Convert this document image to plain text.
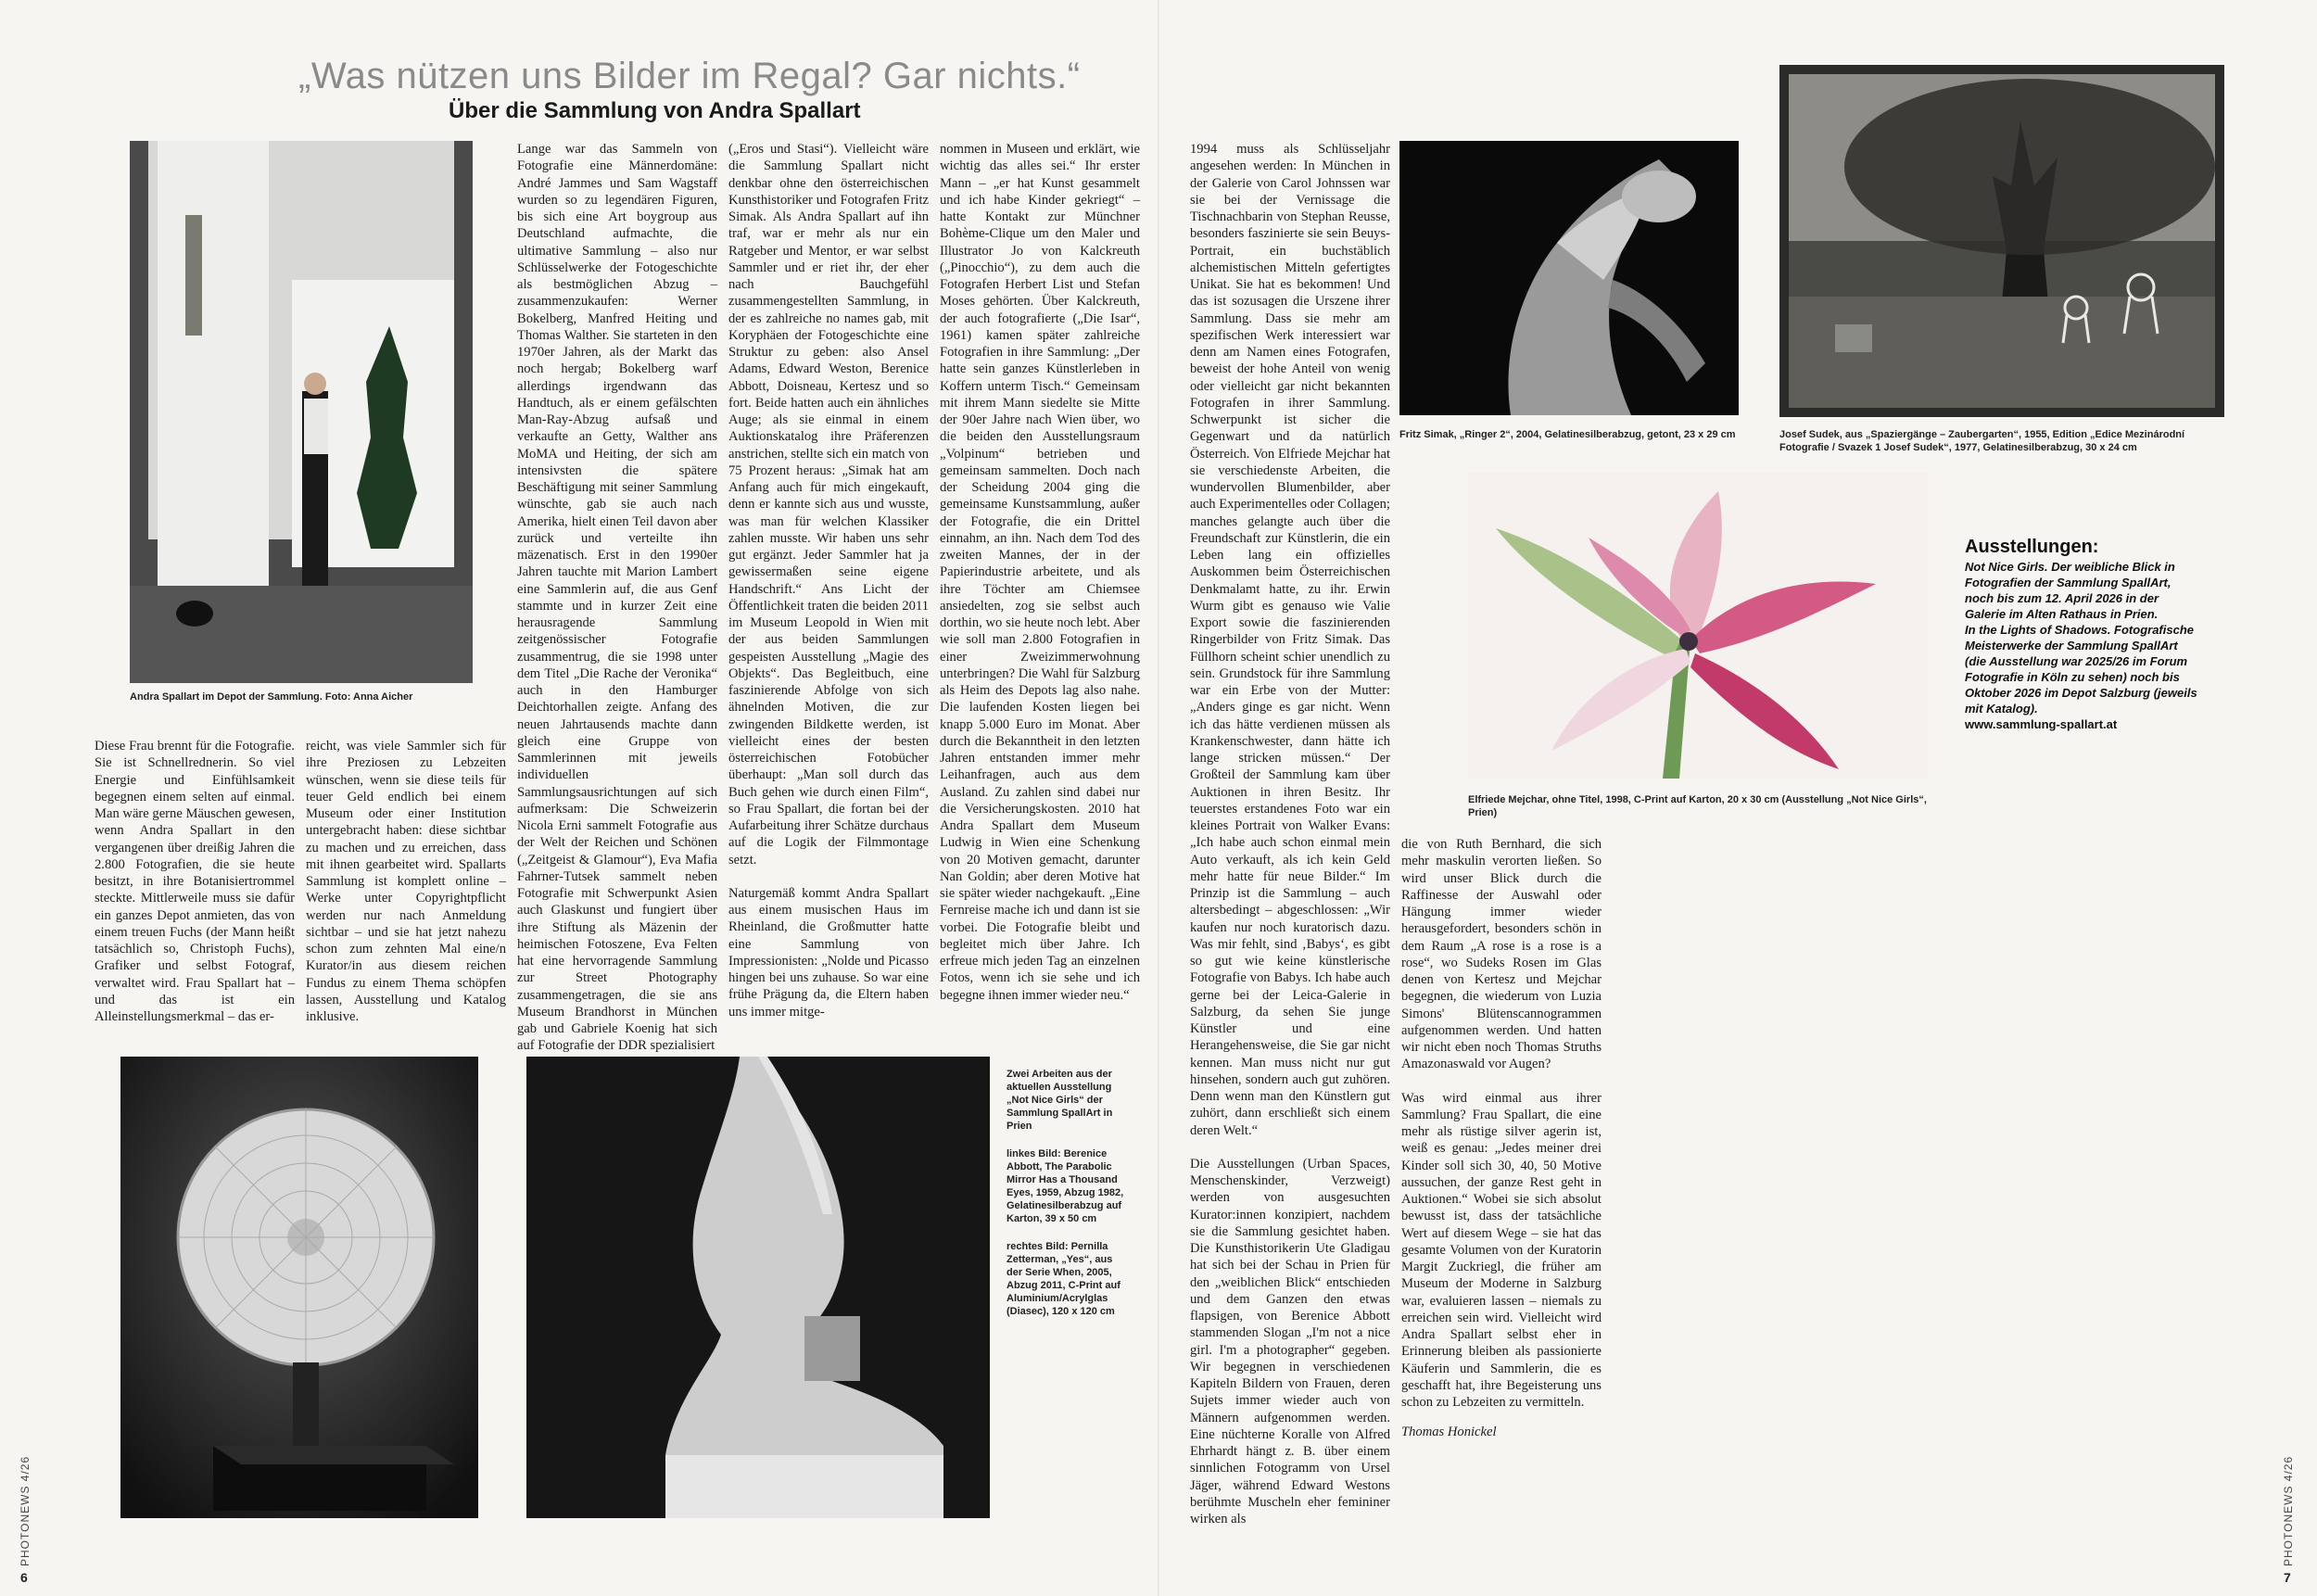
„Was nützen uns Bilder im Regal? Gar nichts.“
Über die Sammlung von Andra Spallart
Andra Spallart im Depot der Sammlung. Foto: Anna Aicher

Lange war das Sammeln von Fotografie eine Männerdomäne: André Jammes und Sam Wagstaff wurden so zu legendären Figuren, bis sich eine Art boygroup aus Deutschland aufmachte, die ultimative Sammlung – also nur Schlüsselwerke der Fotogeschichte als bestmöglichen Abzug – zusammenzukaufen: Werner Bokelberg, Manfred Heiting und Thomas Walther. Sie starteten in den 1970er Jahren, als der Markt das noch hergab; Bokelberg warf allerdings irgendwann das Handtuch, als er einem gefälschten Man-Ray-Abzug aufsaß und verkaufte an Getty, Walther ans MoMA und Heiting, der sich am intensivsten die spätere Beschäftigung mit seiner Sammlung wünschte, gab sie auch nach Amerika, hielt einen Teil davon aber zurück und verteilte ihn mäzenatisch. Erst in den 1990er Jahren tauchte mit Marion Lambert eine Sammlerin auf, die aus Genf stammte und in kurzer Zeit eine herausragende Sammlung zeitgenössischer Fotografie zusammentrug, die sie 1998 unter dem Titel „Die Rache der Veronika“ auch in den Hamburger Deichtorhallen zeigte. Anfang des neuen Jahrtausends machte dann gleich eine Gruppe von Sammlerinnen mit jeweils individuellen Sammlungsausrichtungen auf sich aufmerksam: Die Schweizerin Nicola Erni sammelt Fotografie aus der Welt der Reichen und Schönen („Zeitgeist & Glamour“), Eva Mafia Fahrner-Tutsek sammelt neben Fotografie mit Schwerpunkt Asien auch Glaskunst und fungiert über ihre Stiftung als Mäzenin der heimischen Fotoszene, Eva Felten hat eine hervorragende Sammlung zur Street Photography zusammengetragen, die sie ans Museum Brandhorst in München gab und Gabriele Koenig hat sich auf Fotografie der DDR spezialisiert

(„Eros und Stasi“). Vielleicht wäre die Sammlung Spallart nicht denkbar ohne den österreichischen Kunsthistoriker und Fotografen Fritz Simak. Als Andra Spallart auf ihn traf, war er mehr als nur ein Ratgeber und Mentor, er war selbst Sammler und er riet ihr, der eher nach Bauchgefühl zusammengestellten Sammlung, in der es zahlreiche no names gab, mit Koryphäen der Fotogeschichte eine Struktur zu geben: also Ansel Adams, Edward Weston, Berenice Abbott, Doisneau, Kertesz und so fort. Beide hatten auch ein ähnliches Auge; als sie einmal in einem Auktionskatalog ihre Präferenzen anstrichen, stellte sich ein match von 75 Prozent heraus: „Simak hat am Anfang auch für mich eingekauft, denn er kannte sich aus und wusste, was man für welchen Klassiker zahlen musste. Wir haben uns sehr gut ergänzt. Jeder Sammler hat ja gewissermaßen seine eigene Handschrift.“ Ans Licht der Öffentlichkeit traten die beiden 2011 im Museum Leopold in Wien mit der aus beiden Sammlungen gespeisten Ausstellung „Magie des Objekts“. Das Begleitbuch, eine faszinierende Abfolge von sich ähnelnden Motiven, die zur zwingenden Bildkette werden, ist vielleicht eines der besten österreichischen Fotobücher überhaupt: „Man soll durch das Buch gehen wie durch einen Film“, so Frau Spallart, die fortan bei der Aufarbeitung ihrer Schätze durchaus auf die Logik der Filmmontage setzt.

Naturgemäß kommt Andra Spallart aus einem musischen Haus im Rheinland, die Großmutter hatte eine Sammlung von Impressionisten: „Nolde und Picasso hingen bei uns zuhause. So war eine frühe Prägung da, die Eltern haben uns immer mitge-

nommen in Museen und erklärt, wie wichtig das alles sei.“ Ihr erster Mann – „er hat Kunst gesammelt und ich habe Kinder gekriegt“ – hatte Kontakt zur Münchner Bohème-Clique um den Maler und Illustrator Jo von Kalckreuth („Pinocchio“), zu dem auch die Fotografen Herbert List und Stefan Moses gehörten. Über Kalckreuth, der auch fotografierte („Die Isar“, 1961) kamen später zahlreiche Fotografien in ihre Sammlung: „Der hatte sein ganzes Künstlerleben in Koffern unterm Tisch.“ Gemeinsam mit ihrem Mann siedelte sie Mitte der 90er Jahre nach Wien über, wo die beiden den Ausstellungsraum „Volpinum“ betrieben und gemeinsam sammelten. Doch nach der Scheidung 2004 ging die gemeinsame Kunstsammlung, außer der Fotografie, die ein Drittel einnahm, an ihn. Nach dem Tod des zweiten Mannes, der in der Papierindustrie arbeitete, und als ihre Töchter am Chiemsee ansiedelten, zog sie selbst auch dorthin, wo sie heute noch lebt. Aber wie soll man 2.800 Fotografien in einer Zweizimmerwohnung unterbringen? Die Wahl für Salzburg als Heim des Depots lag also nahe. Die laufenden Kosten liegen bei knapp 5.000 Euro im Monat. Aber durch die Bekanntheit in den letzten Jahren entstanden immer mehr Leihanfragen, auch aus dem Ausland. Zu zahlen sind dabei nur die Versicherungskosten. 2010 hat Andra Spallart dem Museum Ludwig in Wien eine Schenkung von 20 Motiven gemacht, darunter Nan Goldin; aber deren Motive hat sie später wieder nachgekauft. „Eine Fernreise mache ich und dann ist sie vorbei. Die Fotografie bleibt und begleitet mich über Jahre. Ich erfreue mich jeden Tag an einzelnen Fotos, wenn ich sie sehe und ich begegne ihnen immer wieder neu.“

Diese Frau brennt für die Fotografie. Sie ist Schnellrednerin. So viel Energie und Einfühlsamkeit begegnen einem selten auf einmal. Man wäre gerne Mäuschen gewesen, wenn Andra Spallart in den vergangenen über dreißig Jahren die 2.800 Fotografien, die sie heute besitzt, in ihre Botanisiertrommel steckte. Mittlerweile muss sie dafür ein ganzes Depot anmieten, das von einem treuen Fuchs (der Mann heißt tatsächlich so, Christoph Fuchs), Grafiker und selbst Fotograf, verwaltet wird. Frau Spallart hat – und das ist ein Alleinstellungsmerkmal – das er-

reicht, was viele Sammler sich für ihre Preziosen zu Lebzeiten wünschen, wenn sie diese teils für teuer Geld endlich bei einem Museum oder einer Institution untergebracht haben: diese sichtbar zu machen und zu erreichen, dass mit ihnen gearbeitet wird. Spallarts Sammlung ist komplett online – Werke unter Copyrightpflicht werden nur nach Anmeldung sichtbar – und sie hat jetzt nahezu schon zum zehnten Mal eine/n Kurator/in aus diesem reichen Fundus zu einem Thema schöpfen lassen, Ausstellung und Katalog inklusive.

Zwei Arbeiten aus der aktuellen Ausstellung „Not Nice Girls“ der Sammlung SpallArt in Prien
linkes Bild: Berenice Abbott, The Parabolic Mirror Has a Thousand Eyes, 1959, Abzug 1982, Gelatinesilberabzug auf Karton, 39 x 50 cm
rechtes Bild: Pernilla Zetterman, „Yes“, aus der Serie When, 2005, Abzug 2011, C-Print auf Aluminium/Acrylglas (Diasec), 120 x 120 cm

1994 muss als Schlüsseljahr angesehen werden: In München in der Galerie von Carol Johnssen war sie bei der Vernissage die Tischnachbarin von Stephan Reusse, besonders faszinierte sie sein Beuys-Portrait, ein buchstäblich alchemistischen Mitteln gefertigtes Unikat. Sie hat es bekommen! Und das ist sozusagen die Urszene ihrer Sammlung. Dass sie mehr am spezifischen Werk interessiert war denn am Namen eines Fotografen, beweist der hohe Anteil von wenig oder vielleicht gar nicht bekannten Fotografen in ihrer Sammlung. Schwerpunkt ist sicher die Gegenwart und da natürlich Österreich. Von Elfriede Mejchar hat sie verschiedenste Arbeiten, die wundervollen Blumenbilder, aber auch Experimentelles oder Collagen; manches gelangte auch über die Freundschaft zur Künstlerin, die ein Leben lang ein offizielles Auskommen beim Österreichischen Denkmalamt hatte, zu ihr. Erwin Wurm gibt es genauso wie Valie Export sowie die faszinierenden Ringerbilder von Fritz Simak. Das Füllhorn scheint schier unendlich zu sein. Grundstock für ihre Sammlung war ein Erbe von der Mutter: „Anders ginge es gar nicht. Wenn ich das hätte verdienen müssen als Krankenschwester, dann hätte ich lange stricken müssen.“ Der Großteil der Sammlung kam über Auktionen in ihren Besitz. Ihr teuerstes erstandenes Foto war ein kleines Portrait von Walker Evans: „Ich habe auch schon einmal mein Auto verkauft, als ich kein Geld mehr hatte für neue Bilder.“ Im Prinzip ist die Sammlung – auch altersbedingt – abgeschlossen: „Wir kaufen nur noch kuratorisch dazu. Was mir fehlt, sind ‚Babys‘, es gibt so gut wie keine künstlerische Fotografie von Babys. Ich habe auch gerne bei der Leica-Galerie in Salzburg, da sehen Sie junge Künstler und eine Herangehensweise, die Sie gar nicht kennen. Man muss nicht nur gut hinsehen, sondern auch gut zuhören. Denn wenn man den Künstlern gut zuhört, dann erschließt sich einem deren Welt.“

Die Ausstellungen (Urban Spaces, Menschenskinder, Verzweigt) werden von ausgesuchten Kurator:innen konzipiert, nachdem sie die Sammlung gesichtet haben. Die Kunsthistorikerin Ute Gladigau hat sich bei der Schau in Prien für den „weiblichen Blick“ entschieden und dem Ganzen den etwas flapsigen, von Berenice Abbott stammenden Slogan „I'm not a nice girl. I'm a photographer“ gegeben. Wir begegnen in verschiedenen Kapiteln Bildern von Frauen, deren Sujets immer wieder auch von Männern aufgenommen werden. Eine nüchterne Koralle von Alfred Ehrhardt hängt z. B. über einem sinnlichen Fotogramm von Ursel Jäger, während Edward Westons berühmte Muscheln eher femininer wirken als

die von Ruth Bernhard, die sich mehr maskulin verorten ließen. So wird unser Blick durch die Raffinesse der Auswahl oder Hängung immer wieder herausgefordert, besonders schön in dem Raum „A rose is a rose is a rose“, wo Sudeks Rosen im Glas denen von Kertesz und Mejchar begegnen, die wiederum von Luzia Simons' Blütenscannogrammen aufgenommen werden. Und hatten wir nicht eben noch Thomas Struths Amazonaswald vor Augen?

Was wird einmal aus ihrer Sammlung? Frau Spallart, die eine mehr als rüstige silver agerin ist, weiß es genau: „Jedes meiner drei Kinder soll sich 30, 40, 50 Motive aussuchen, der ganze Rest geht in Auktionen.“ Wobei sie sich absolut bewusst ist, dass der tatsächliche Wert auf diesem Wege – sie hat das gesamte Volumen von der Kuratorin Margit Zuckriegl, die früher am Museum der Moderne in Salzburg war, evaluieren lassen – niemals zu erreichen sein wird. Vielleicht wird Andra Spallart selbst eher in Erinnerung bleiben als passionierte Käuferin und Sammlerin, die es geschafft hat, ihre Begeisterung uns schon zu Lebzeiten zu vermitteln.

Thomas Honickel

Fritz Simak, „Ringer 2“, 2004, Gelatinesilberabzug, getont, 23 x 29 cm	Josef Sudek, aus „Spaziergänge – Zaubergarten“, 1955, Edition „Edice Mezinárodní Fotografie / Svazek 1 Josef Sudek“, 1977, Gelatinesilberabzug, 30 x 24 cm
Elfriede Mejchar, ohne Titel, 1998, C-Print auf Karton, 20 x 30 cm (Ausstellung „Not Nice Girls“, Prien)
Ausstellungen:
Not Nice Girls. Der weibliche Blick in Fotografien der Sammlung SpallArt, noch bis zum 12. April 2026 in der Galerie im Alten Rathaus in Prien.
In the Lights of Shadows. Fotografische Meisterwerke der Sammlung SpallArt (die Ausstellung war 2025/26 im Forum Fotografie in Köln zu sehen) noch bis Oktober 2026 im Depot Salzburg (jeweils mit Katalog).
www.sammlung-spallart.at
PHOTONEWS 4/26
6
PHOTONEWS 4/26
7
